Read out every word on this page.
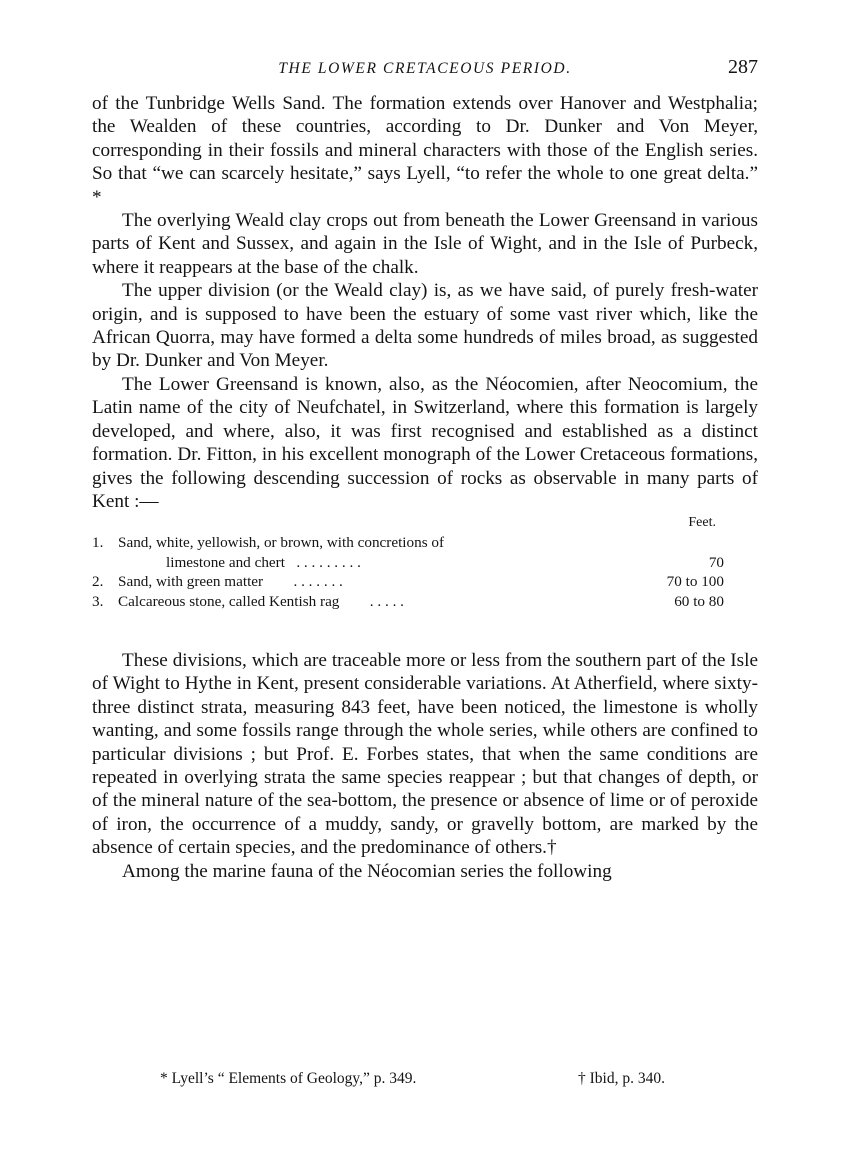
THE LOWER CRETACEOUS PERIOD.	287

of the Tunbridge Wells Sand. The formation extends over Hanover and Westphalia; the Wealden of these countries, according to Dr. Dunker and Von Meyer, corresponding in their fossils and mineral characters with those of the English series. So that “we can scarcely hesitate,” says Lyell, “to refer the whole to one great delta.” *

The overlying Weald clay crops out from beneath the Lower Greensand in various parts of Kent and Sussex, and again in the Isle of Wight, and in the Isle of Purbeck, where it reappears at the base of the chalk.

The upper division (or the Weald clay) is, as we have said, of purely fresh-water origin, and is supposed to have been the estuary of some vast river which, like the African Quorra, may have formed a delta some hundreds of miles broad, as suggested by Dr. Dunker and Von Meyer.

The Lower Greensand is known, also, as the Néocomien, after Neocomium, the Latin name of the city of Neufchatel, in Switzerland, where this formation is largely developed, and where, also, it was first recognised and established as a distinct formation. Dr. Fitton, in his excellent monograph of the Lower Cretaceous formations, gives the following descending succession of rocks as observable in many parts of Kent :—

Feet.
1. Sand, white, yellowish, or brown, with concretions of
limestone and chert . . . . . . . . .	70
2. Sand, with green matter . . . . . . .	70 to 100
3. Calcareous stone, called Kentish rag . . . . .	60 to 80

These divisions, which are traceable more or less from the southern part of the Isle of Wight to Hythe in Kent, present considerable variations. At Atherfield, where sixty-three distinct strata, measuring 843 feet, have been noticed, the limestone is wholly wanting, and some fossils range through the whole series, while others are confined to particular divisions ; but Prof. E. Forbes states, that when the same conditions are repeated in overlying strata the same species reappear ; but that changes of depth, or of the mineral nature of the sea-bottom, the presence or absence of lime or of peroxide of iron, the occurrence of a muddy, sandy, or gravelly bottom, are marked by the absence of certain species, and the predominance of others.†

Among the marine fauna of the Néocomian series the following

* Lyell’s “ Elements of Geology,” p. 349.	† Ibid, p. 340.
